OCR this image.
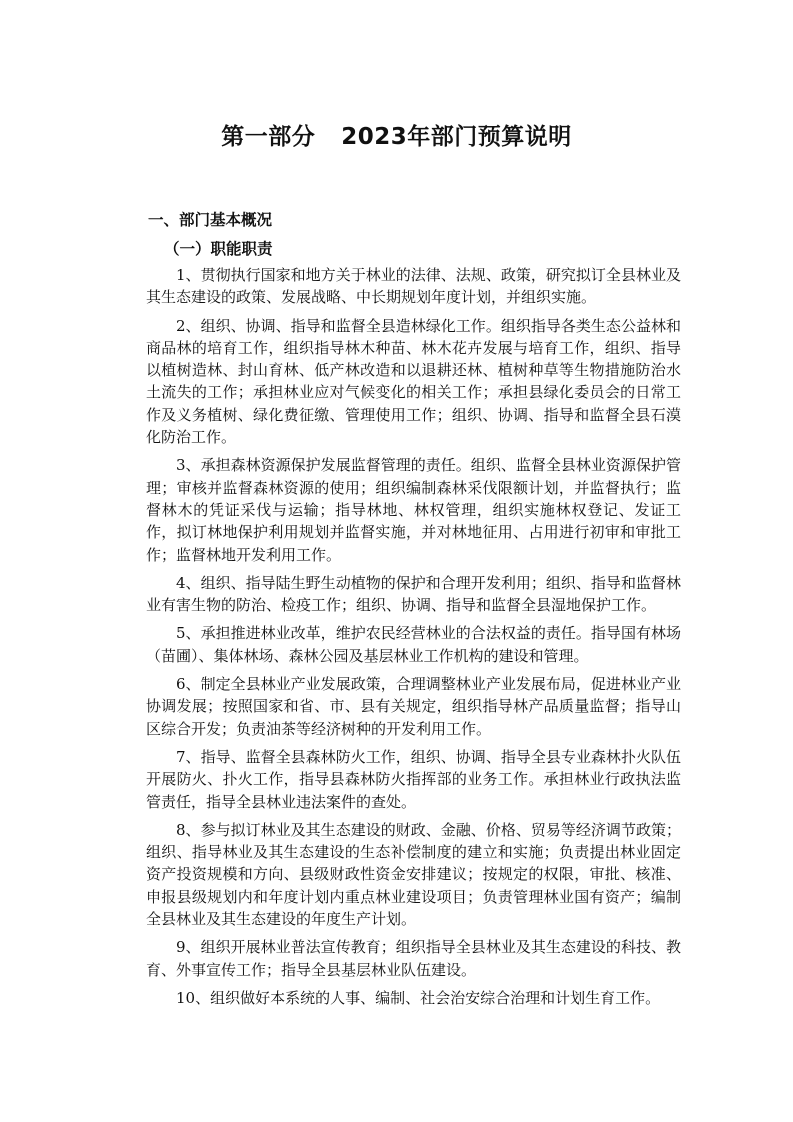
第一部分 2023年部门预算说明
一、部门基本概况
（一）职能职责

1、贯彻执行国家和地方关于林业的法律、法规、政策，研究拟订全县林业及其生态建设的政策、发展战略、中长期规划年度计划，并组织实施。

2、组织、协调、指导和监督全县造林绿化工作。组织指导各类生态公益林和商品林的培育工作，组织指导林木种苗、林木花卉发展与培育工作，组织、指导以植树造林、封山育林、低产林改造和以退耕还林、植树种草等生物措施防治水土流失的工作；承担林业应对气候变化的相关工作；承担县绿化委员会的日常工作及义务植树、绿化费征缴、管理使用工作；组织、协调、指导和监督全县石漠化防治工作。

3、承担森林资源保护发展监督管理的责任。组织、监督全县林业资源保护管理；审核并监督森林资源的使用；组织编制森林采伐限额计划，并监督执行；监督林木的凭证采伐与运输；指导林地、林权管理，组织实施林权登记、发证工作，拟订林地保护利用规划并监督实施，并对林地征用、占用进行初审和审批工作；监督林地开发利用工作。

4、组织、指导陆生野生动植物的保护和合理开发利用；组织、指导和监督林业有害生物的防治、检疫工作；组织、协调、指导和监督全县湿地保护工作。

5、承担推进林业改革，维护农民经营林业的合法权益的责任。指导国有林场（苗圃）、集体林场、森林公园及基层林业工作机构的建设和管理。

6、制定全县林业产业发展政策，合理调整林业产业发展布局，促进林业产业协调发展；按照国家和省、市、县有关规定，组织指导林产品质量监督；指导山区综合开发；负责油茶等经济树种的开发利用工作。

7、指导、监督全县森林防火工作，组织、协调、指导全县专业森林扑火队伍开展防火、扑火工作，指导县森林防火指挥部的业务工作。承担林业行政执法监管责任，指导全县林业违法案件的查处。

8、参与拟订林业及其生态建设的财政、金融、价格、贸易等经济调节政策；组织、指导林业及其生态建设的生态补偿制度的建立和实施；负责提出林业固定资产投资规模和方向、县级财政性资金安排建议；按规定的权限，审批、核准、申报县级规划内和年度计划内重点林业建设项目；负责管理林业国有资产；编制全县林业及其生态建设的年度生产计划。

9、组织开展林业普法宣传教育；组织指导全县林业及其生态建设的科技、教育、外事宣传工作；指导全县基层林业队伍建设。

10、组织做好本系统的人事、编制、社会治安综合治理和计划生育工作。
